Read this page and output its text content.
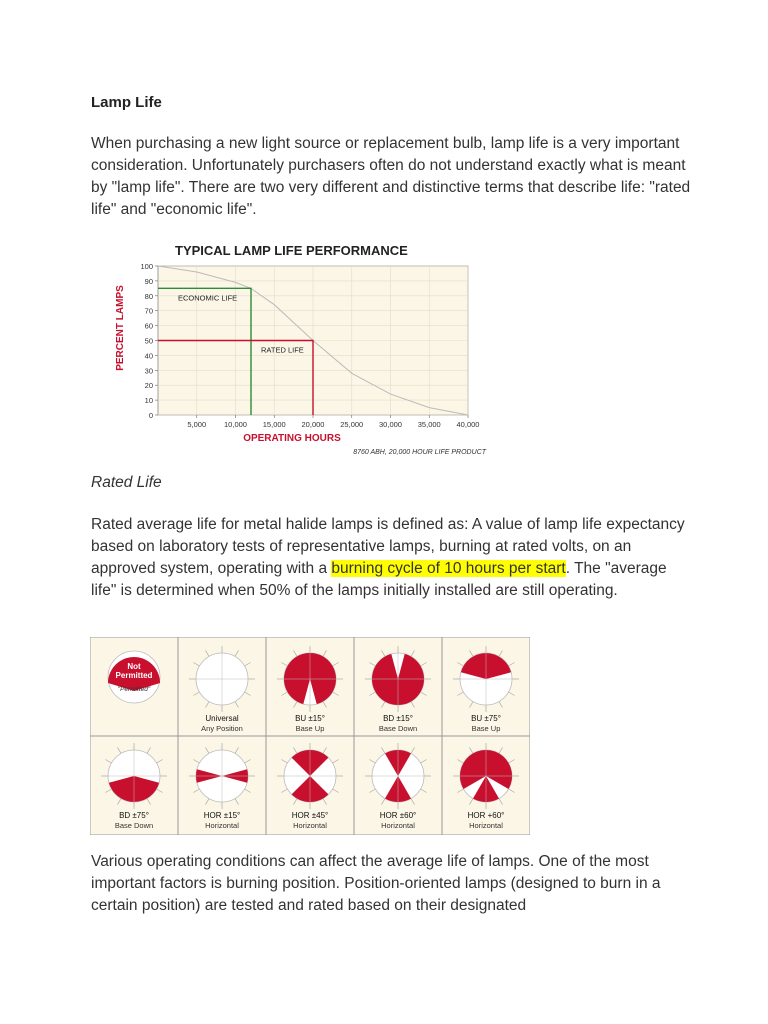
Lamp Life

When purchasing a new light source or replacement bulb, lamp life is a very important consideration. Unfortunately purchasers often do not understand exactly what is meant by "lamp life". There are two very different and distinctive terms that describe life: "rated life" and "economic life".

TYPICAL LAMP LIFE PERFORMANCE
0
10
20
30
40
50
60
70
80
90
100
5,000 10,000 15,000 20,000 25,000 30,000 35,000 40,000
ECONOMIC LIFE
RATED LIFE
PERCENT LAMPS
OPERATING HOURS
8760 ABH, 20,000 HOUR LIFE PRODUCT
Rated Life

Rated average life for metal halide lamps is defined as: A value of lamp life expectancy based on laboratory tests of representative lamps, burning at rated volts, on an approved system, operating with a burning cycle of 10 hours per start. The "average life" is determined when 50% of the lamps initially installed are still operating.

Not
Permitted
"Permitted"
Universal
Any Position
BU ±15°
Base Up
BD ±15°
Base Down
BU ±75°
Base Up
BD ±75°
Base Down
HOR ±15°
Horizontal
HOR ±45°
Horizontal
HOR ±60°
Horizontal
HOR +60°
Horizontal

Various operating conditions can affect the average life of lamps. One of the most important factors is burning position. Position-oriented lamps (designed to burn in a certain position) are tested and rated based on their designated
